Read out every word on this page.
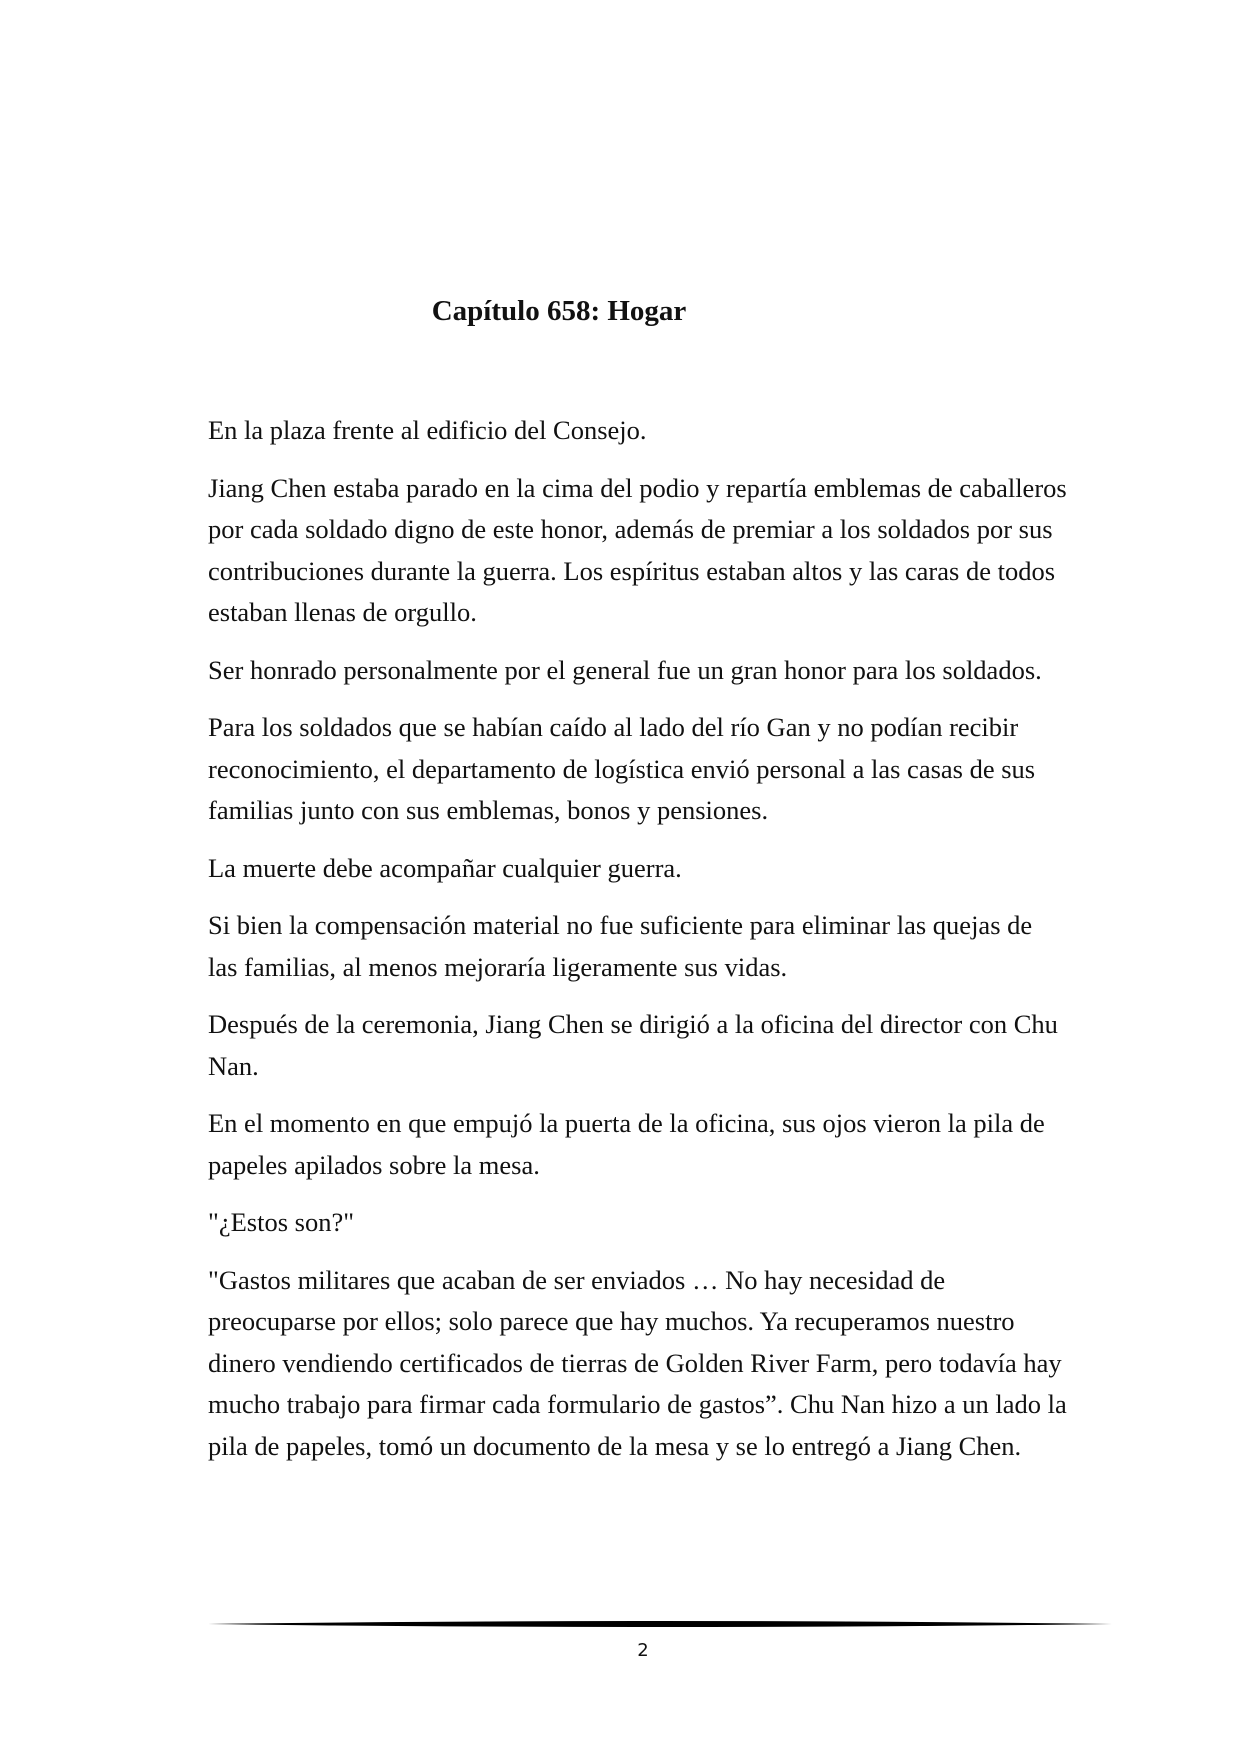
Capítulo 658: Hogar

En la plaza frente al edificio del Consejo.

Jiang Chen estaba parado en la cima del podio y repartía emblemas de caballeros por cada soldado digno de este honor, además de premiar a los soldados por sus contribuciones durante la guerra. Los espíritus estaban altos y las caras de todos estaban llenas de orgullo.

Ser honrado personalmente por el general fue un gran honor para los soldados.

Para los soldados que se habían caído al lado del río Gan y no podían recibir reconocimiento, el departamento de logística envió personal a las casas de sus familias junto con sus emblemas, bonos y pensiones.

La muerte debe acompañar cualquier guerra.

Si bien la compensación material no fue suficiente para eliminar las quejas de las familias, al menos mejoraría ligeramente sus vidas.

Después de la ceremonia, Jiang Chen se dirigió a la oficina del director con Chu Nan.

En el momento en que empujó la puerta de la oficina, sus ojos vieron la pila de papeles apilados sobre la mesa.

"¿Estos son?"

"Gastos militares que acaban de ser enviados … No hay necesidad de preocuparse por ellos; solo parece que hay muchos. Ya recuperamos nuestro dinero vendiendo certificados de tierras de Golden River Farm, pero todavía hay mucho trabajo para firmar cada formulario de gastos”. Chu Nan hizo a un lado la pila de papeles, tomó un documento de la mesa y se lo entregó a Jiang Chen.

2
